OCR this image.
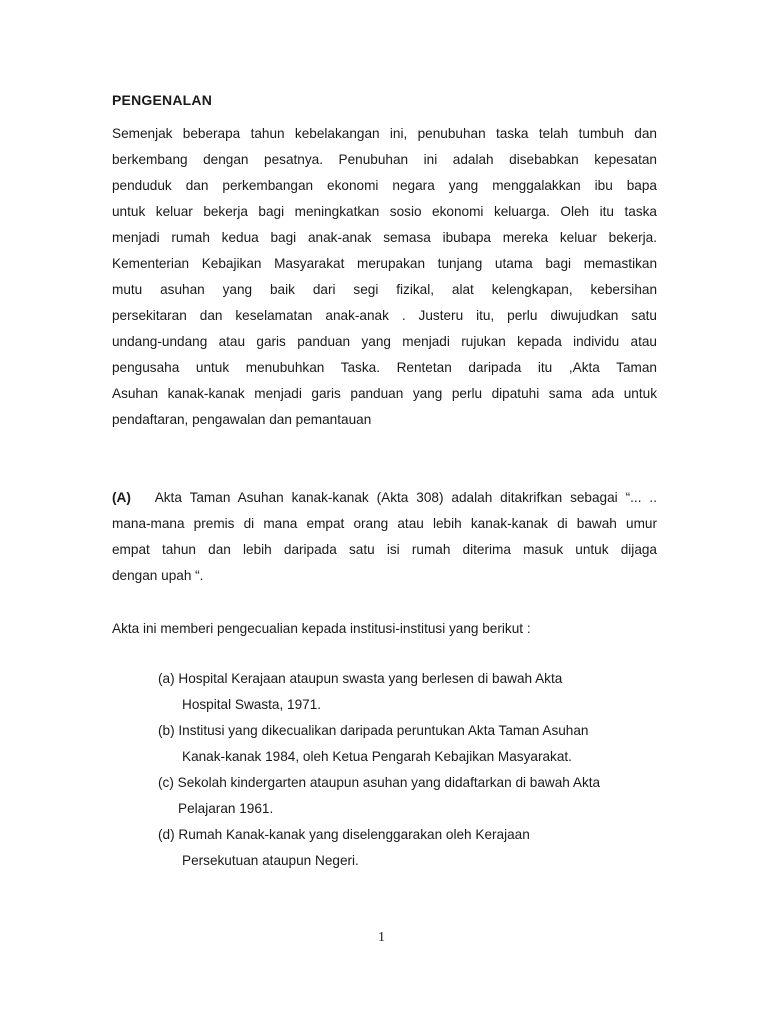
PENGENALAN
Semenjak beberapa tahun kebelakangan ini, penubuhan taska telah tumbuh dan
berkembang dengan pesatnya. Penubuhan ini adalah disebabkan kepesatan
penduduk dan perkembangan ekonomi negara yang menggalakkan ibu bapa
untuk keluar bekerja bagi meningkatkan sosio ekonomi keluarga. Oleh itu taska
menjadi rumah kedua bagi anak-anak semasa ibubapa mereka keluar bekerja.
Kementerian Kebajikan Masyarakat merupakan tunjang utama bagi memastikan
mutu asuhan yang baik dari segi fizikal, alat kelengkapan, kebersihan
persekitaran dan keselamatan anak-anak . Justeru itu, perlu diwujudkan satu
undang-undang atau garis panduan yang menjadi rujukan kepada individu atau
pengusaha untuk menubuhkan Taska. Rentetan daripada itu ,Akta Taman
Asuhan kanak-kanak menjadi garis panduan yang perlu dipatuhi sama ada untuk
pendaftaran, pengawalan dan pemantauan
(A) Akta Taman Asuhan kanak-kanak (Akta 308) adalah ditakrifkan sebagai “... ..
mana-mana premis di mana empat orang atau lebih kanak-kanak di bawah umur
empat tahun dan lebih daripada satu isi rumah diterima masuk untuk dijaga
dengan upah “.
Akta ini memberi pengecualian kepada institusi-institusi yang berikut :
(a) Hospital Kerajaan ataupun swasta yang berlesen di bawah Akta
Hospital Swasta, 1971.
(b) Institusi yang dikecualikan daripada peruntukan Akta Taman Asuhan
Kanak-kanak 1984, oleh Ketua Pengarah Kebajikan Masyarakat.
(c) Sekolah kindergarten ataupun asuhan yang didaftarkan di bawah Akta
Pelajaran 1961.
(d) Rumah Kanak-kanak yang diselenggarakan oleh Kerajaan
Persekutuan ataupun Negeri.
1
